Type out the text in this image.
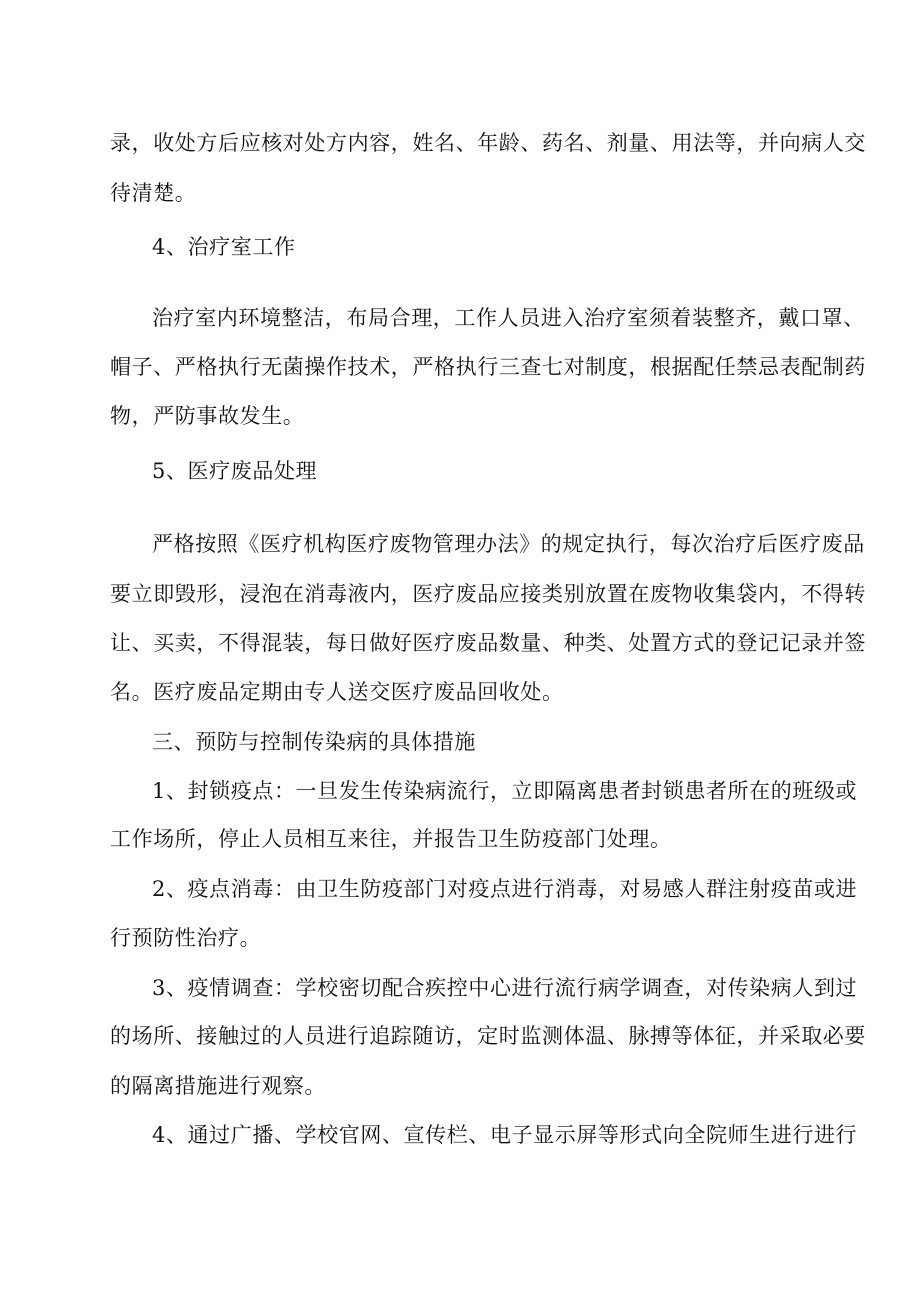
录，收处方后应核对处方内容，姓名、年龄、药名、剂量、用法等，并向病人交
待清楚。
4、治疗室工作
治疗室内环境整洁，布局合理，工作人员进入治疗室须着装整齐，戴口罩、
帽子、严格执行无菌操作技术，严格执行三查七对制度，根据配任禁忌表配制药
物，严防事故发生。
5、医疗废品处理
严格按照《医疗机构医疗废物管理办法》的规定执行，每次治疗后医疗废品
要立即毁形，浸泡在消毒液内，医疗废品应接类别放置在废物收集袋内，不得转
让、买卖，不得混装，每日做好医疗废品数量、种类、处置方式的登记记录并签
名。医疗废品定期由专人送交医疗废品回收处。
三、预防与控制传染病的具体措施
1、封锁疫点：一旦发生传染病流行，立即隔离患者封锁患者所在的班级或
工作场所，停止人员相互来往，并报告卫生防疫部门处理。
2、疫点消毒：由卫生防疫部门对疫点进行消毒，对易感人群注射疫苗或进
行预防性治疗。
3、疫情调查：学校密切配合疾控中心进行流行病学调查，对传染病人到过
的场所、接触过的人员进行追踪随访，定时监测体温、脉搏等体征，并采取必要
的隔离措施进行观察。
4、通过广播、学校官网、宣传栏、电子显示屏等形式向全院师生进行进行
